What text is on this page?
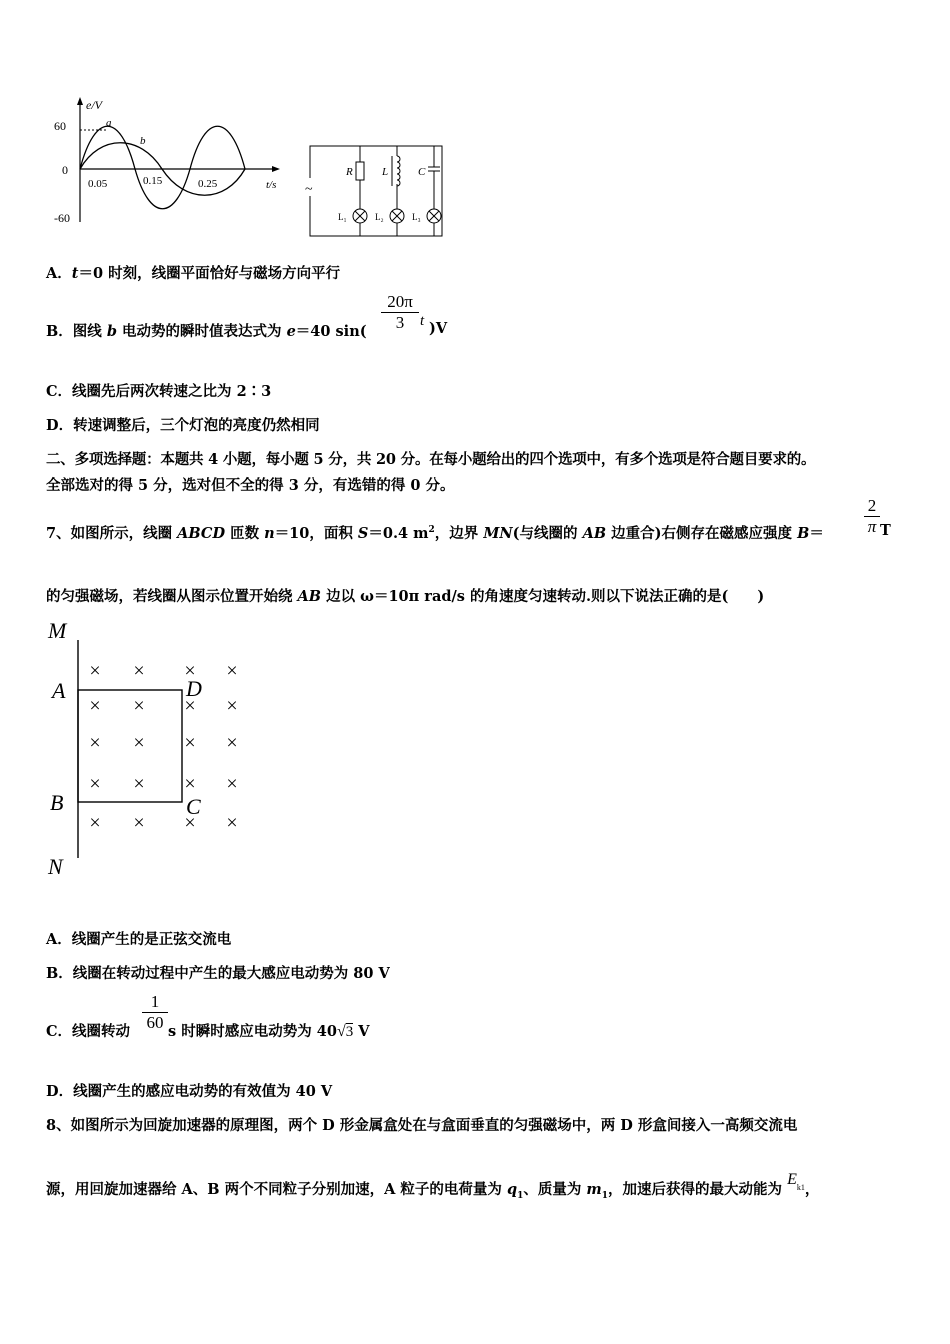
e/V
t/s
60
0
-60
0.05	0.15	0.25
a
b
~
R	L	C
L₁	L₂	L₃
A．t＝0 时刻，线圈平面恰好与磁场方向平行
B．图线 b 电动势的瞬时值表达式为 e＝40 sin(
20π
3	t )V
C．线圈先后两次转速之比为 2∶3
D．转速调整后，三个灯泡的亮度仍然相同
二、多项选择题：本题共 4 小题，每小题 5 分，共 20 分。在每小题给出的四个选项中，有多个选项是符合题目要求的。
全部选对的得 5 分，选对但不全的得 3 分，有选错的得 0 分。
7、如图所示，线圈 ABCD 匝数 n＝10，面积 S＝0.4 $m^2$，边界 MN(与线圈的 AB 边重合)右侧存在磁感应强度 B＝
2
π T
的匀强磁场，若线圈从图示位置开始绕 AB 边以 ω＝10π rad/s 的角速度匀速转动.则以下说法正确的是(　　)
M
A	D
B	C
N
× × × ×
× × × ×
× × × ×
× × × ×
× × × ×
A．线圈产生的是正弦交流电
B．线圈在转动过程中产生的最大感应电动势为 80 V
C．线圈转动
1
60 s 时瞬时感应电动势为 40√3 V
D．线圈产生的感应电动势的有效值为 40 V
8、如图所示为回旋加速器的原理图，两个 D 形金属盒处在与盒面垂直的匀强磁场中，两 D 形盒间接入一高频交流电
源，用回旋加速器给 A、B 两个不同粒子分别加速，A 粒子的电荷量为 $q_1$、质量为 $m_1$，加速后获得的最大动能为 $E_{k1}$，
